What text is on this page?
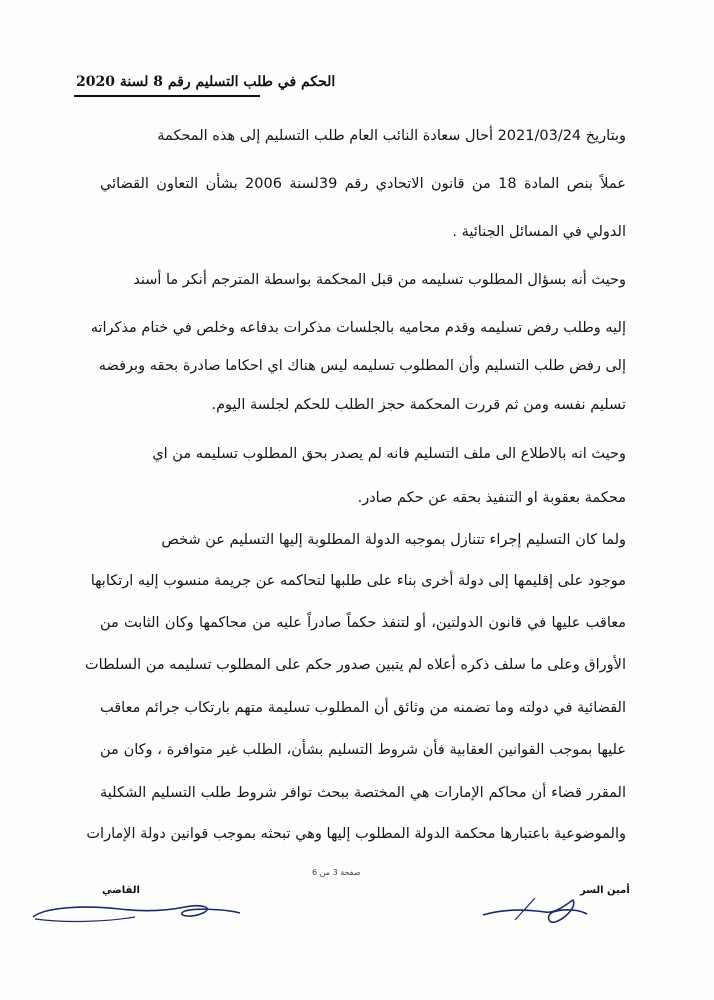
الحكم في طلب التسليم رقم 8 لسنة 2020
وبتاريخ 2021/03/24 أحال سعادة النائب العام طلب التسليم إلى هذه المحكمة
عملاً بنص المادة 18 من قانون الاتحادي رقم 39لسنة 2006 بشأن التعاون القضائي
الدولي في المسائل الجنائية .
وحيث أنه بسؤال المطلوب تسليمه من قبل المحكمة بواسطة المترجم أنكر ما أسند
إليه وطلب رفض تسليمه وقدم محاميه بالجلسات مذكرات بدفاعه وخلص في ختام مذكراته
إلى رفض طلب التسليم وأن المطلوب تسليمه ليس هناك اي احكاما صادرة بحقه وبرفضه
تسليم نفسه ومن ثم قررت المحكمة حجز الطلب للحكم لجلسة اليوم.
وحيث انه بالاطلاع الى ملف التسليم فانه لم يصدر بحق المطلوب تسليمه من اي
محكمة بعقوبة او التنفيذ بحقه عن حكم صادر.
ولما كان التسليم إجراء تتنازل بموجبه الدولة المطلوبة إليها التسليم عن شخص
موجود على إقليمها إلى دولة أخرى بناء على طلبها لتحاكمه عن جريمة منسوب إليه ارتكابها
معاقب عليها في قانون الدولتين، أو لتنفذ حكماً صادراً عليه من محاكمها وكان الثابت من
الأوراق وعلى ما سلف ذكره أعلاه لم يتبين صدور حكم على المطلوب تسليمه من السلطات
القضائية في دولته وما تضمنه من وثائق أن المطلوب تسليمة متهم بارتكاب جرائم معاقب
عليها بموجب القوانين العقابية فأن شروط التسليم بشأن، الطلب غير متوافرة ، وكان من
المقرر قضاء أن محاكم الإمارات هي المختصة ببحث توافر شروط طلب التسليم الشكلية
والموضوعية باعتبارها محكمة الدولة المطلوب إليها وهي تبحثه بموجب قوانين دولة الإمارات
صفحة 3 من 6
القاضي	أمين السر
